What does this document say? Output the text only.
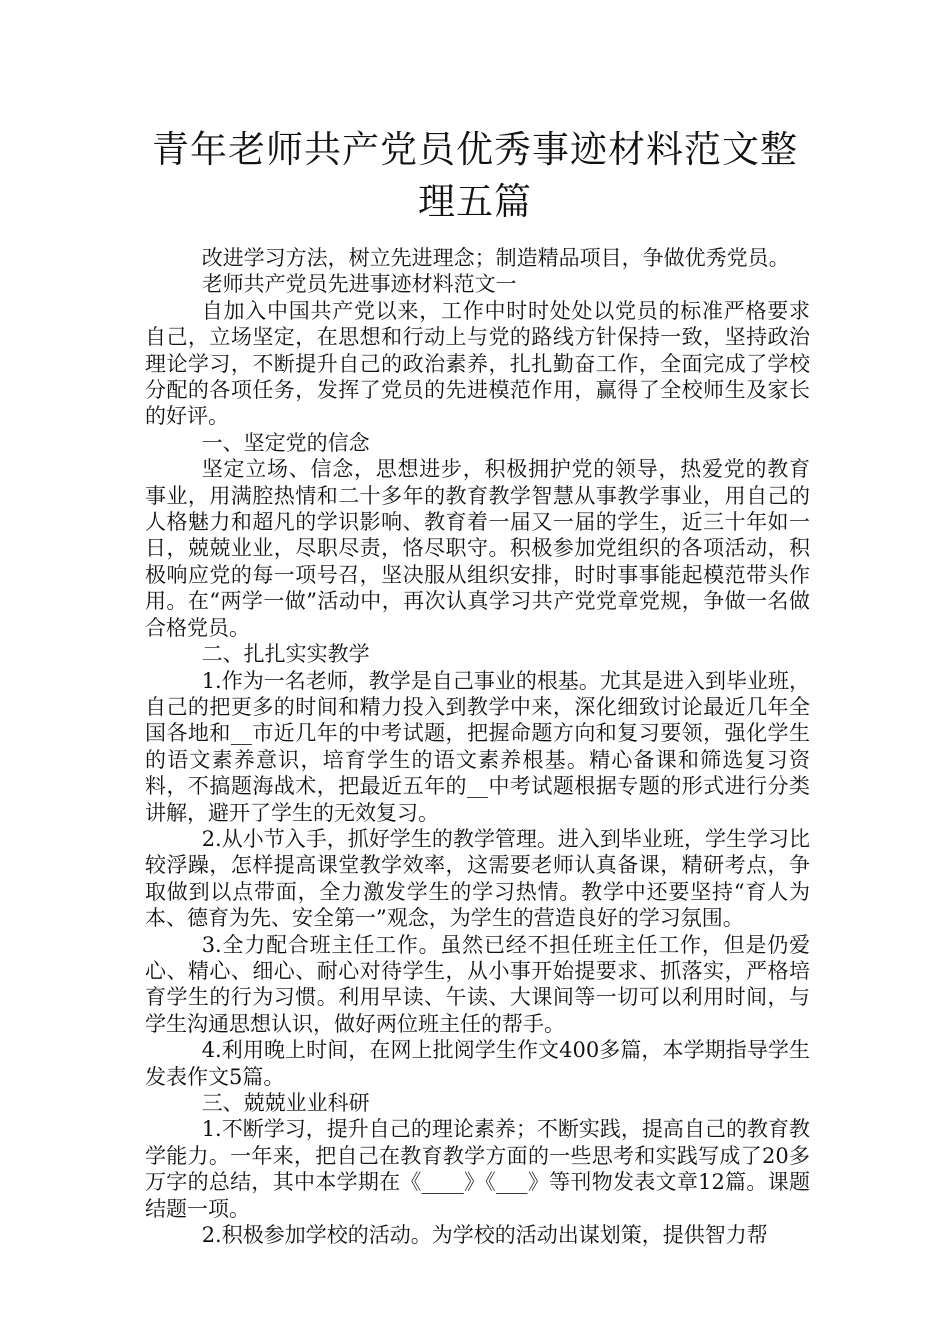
青年老师共产党员优秀事迹材料范文整理五篇

改进学习方法，树立先进理念；制造精品项目，争做优秀党员。

老师共产党员先进事迹材料范文一

自加入中国共产党以来，工作中时时处处以党员的标准严格要求自己，立场坚定，在思想和行动上与党的路线方针保持一致，坚持政治理论学习，不断提升自己的政治素养，扎扎勤奋工作，全面完成了学校分配的各项任务，发挥了党员的先进模范作用，赢得了全校师生及家长的好评。

一、坚定党的信念

坚定立场、信念，思想进步，积极拥护党的领导，热爱党的教育事业，用满腔热情和二十多年的教育教学智慧从事教学事业，用自己的人格魅力和超凡的学识影响、教育着一届又一届的学生，近三十年如一日，兢兢业业，尽职尽责，恪尽职守。积极参加党组织的各项活动，积极响应党的每一项号召，坚决服从组织安排，时时事事能起模范带头作用。在“两学一做”活动中，再次认真学习共产党党章党规，争做一名做合格党员。

二、扎扎实实教学

1.作为一名老师，教学是自己事业的根基。尤其是进入到毕业班，自己的把更多的时间和精力投入到教学中来，深化细致讨论最近几年全国各地和__市近几年的中考试题，把握命题方向和复习要领，强化学生的语文素养意识，培育学生的语文素养根基。精心备课和筛选复习资料，不搞题海战术，把最近五年的__中考试题根据专题的形式进行分类讲解，避开了学生的无效复习。

2.从小节入手，抓好学生的教学管理。进入到毕业班，学生学习比较浮躁，怎样提高课堂教学效率，这需要老师认真备课，精研考点，争取做到以点带面，全力激发学生的学习热情。教学中还要坚持“育人为本、德育为先、安全第一”观念，为学生的营造良好的学习氛围。

3.全力配合班主任工作。虽然已经不担任班主任工作，但是仍爱心、精心、细心、耐心对待学生，从小事开始提要求、抓落实，严格培育学生的行为习惯。利用早读、午读、大课间等一切可以利用时间，与学生沟通思想认识，做好两位班主任的帮手。

4.利用晚上时间，在网上批阅学生作文400多篇，本学期指导学生发表作文5篇。

三、兢兢业业科研

1.不断学习，提升自己的理论素养；不断实践，提高自己的教育教学能力。一年来，把自己在教育教学方面的一些思考和实践写成了20多万字的总结，其中本学期在《____》《___》等刊物发表文章12篇。课题结题一项。

2.积极参加学校的活动。为学校的活动出谋划策，提供智力帮
